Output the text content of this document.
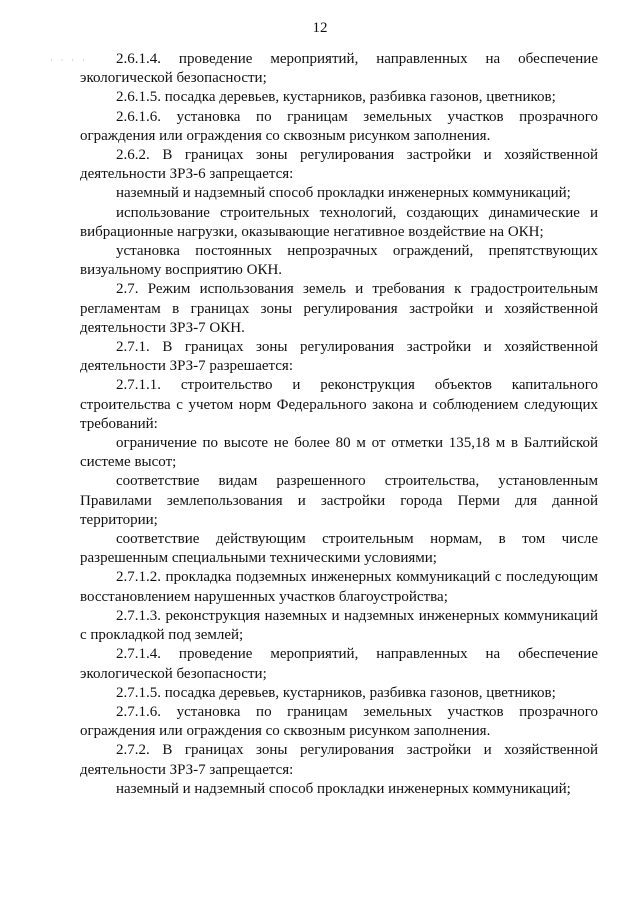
12
· · · ·	2.6.1.4. проведение мероприятий, направленных на обеспечение экологической безопасности;

2.6.1.5. посадка деревьев, кустарников, разбивка газонов, цветников;

2.6.1.6. установка по границам земельных участков прозрачного ограждения или ограждения со сквозным рисунком заполнения.

2.6.2. В границах зоны регулирования застройки и хозяйственной деятельности ЗРЗ-6 запрещается:

наземный и надземный способ прокладки инженерных коммуникаций;

использование строительных технологий, создающих динамические и вибрационные нагрузки, оказывающие негативное воздействие на ОКН;

установка постоянных непрозрачных ограждений, препятствующих визуальному восприятию ОКН.

2.7. Режим использования земель и требования к градостроительным регламентам в границах зоны регулирования застройки и хозяйственной деятельности ЗРЗ-7 ОКН.

2.7.1. В границах зоны регулирования застройки и хозяйственной деятельности ЗРЗ-7 разрешается:

2.7.1.1. строительство и реконструкция объектов капитального строительства с учетом норм Федерального закона и соблюдением следующих требований:

ограничение по высоте не более 80 м от отметки 135,18 м в Балтийской системе высот;

соответствие видам разрешенного строительства, установленным Правилами землепользования и застройки города Перми для данной территории;

соответствие действующим строительным нормам, в том числе разрешенным специальными техническими условиями;

2.7.1.2. прокладка подземных инженерных коммуникаций с последующим восстановлением нарушенных участков благоустройства;

2.7.1.3. реконструкция наземных и надземных инженерных коммуникаций с прокладкой под землей;

2.7.1.4. проведение мероприятий, направленных на обеспечение экологической безопасности;

2.7.1.5. посадка деревьев, кустарников, разбивка газонов, цветников;

2.7.1.6. установка по границам земельных участков прозрачного ограждения или ограждения со сквозным рисунком заполнения.

2.7.2. В границах зоны регулирования застройки и хозяйственной деятельности ЗРЗ-7 запрещается:

наземный и надземный способ прокладки инженерных коммуникаций;
